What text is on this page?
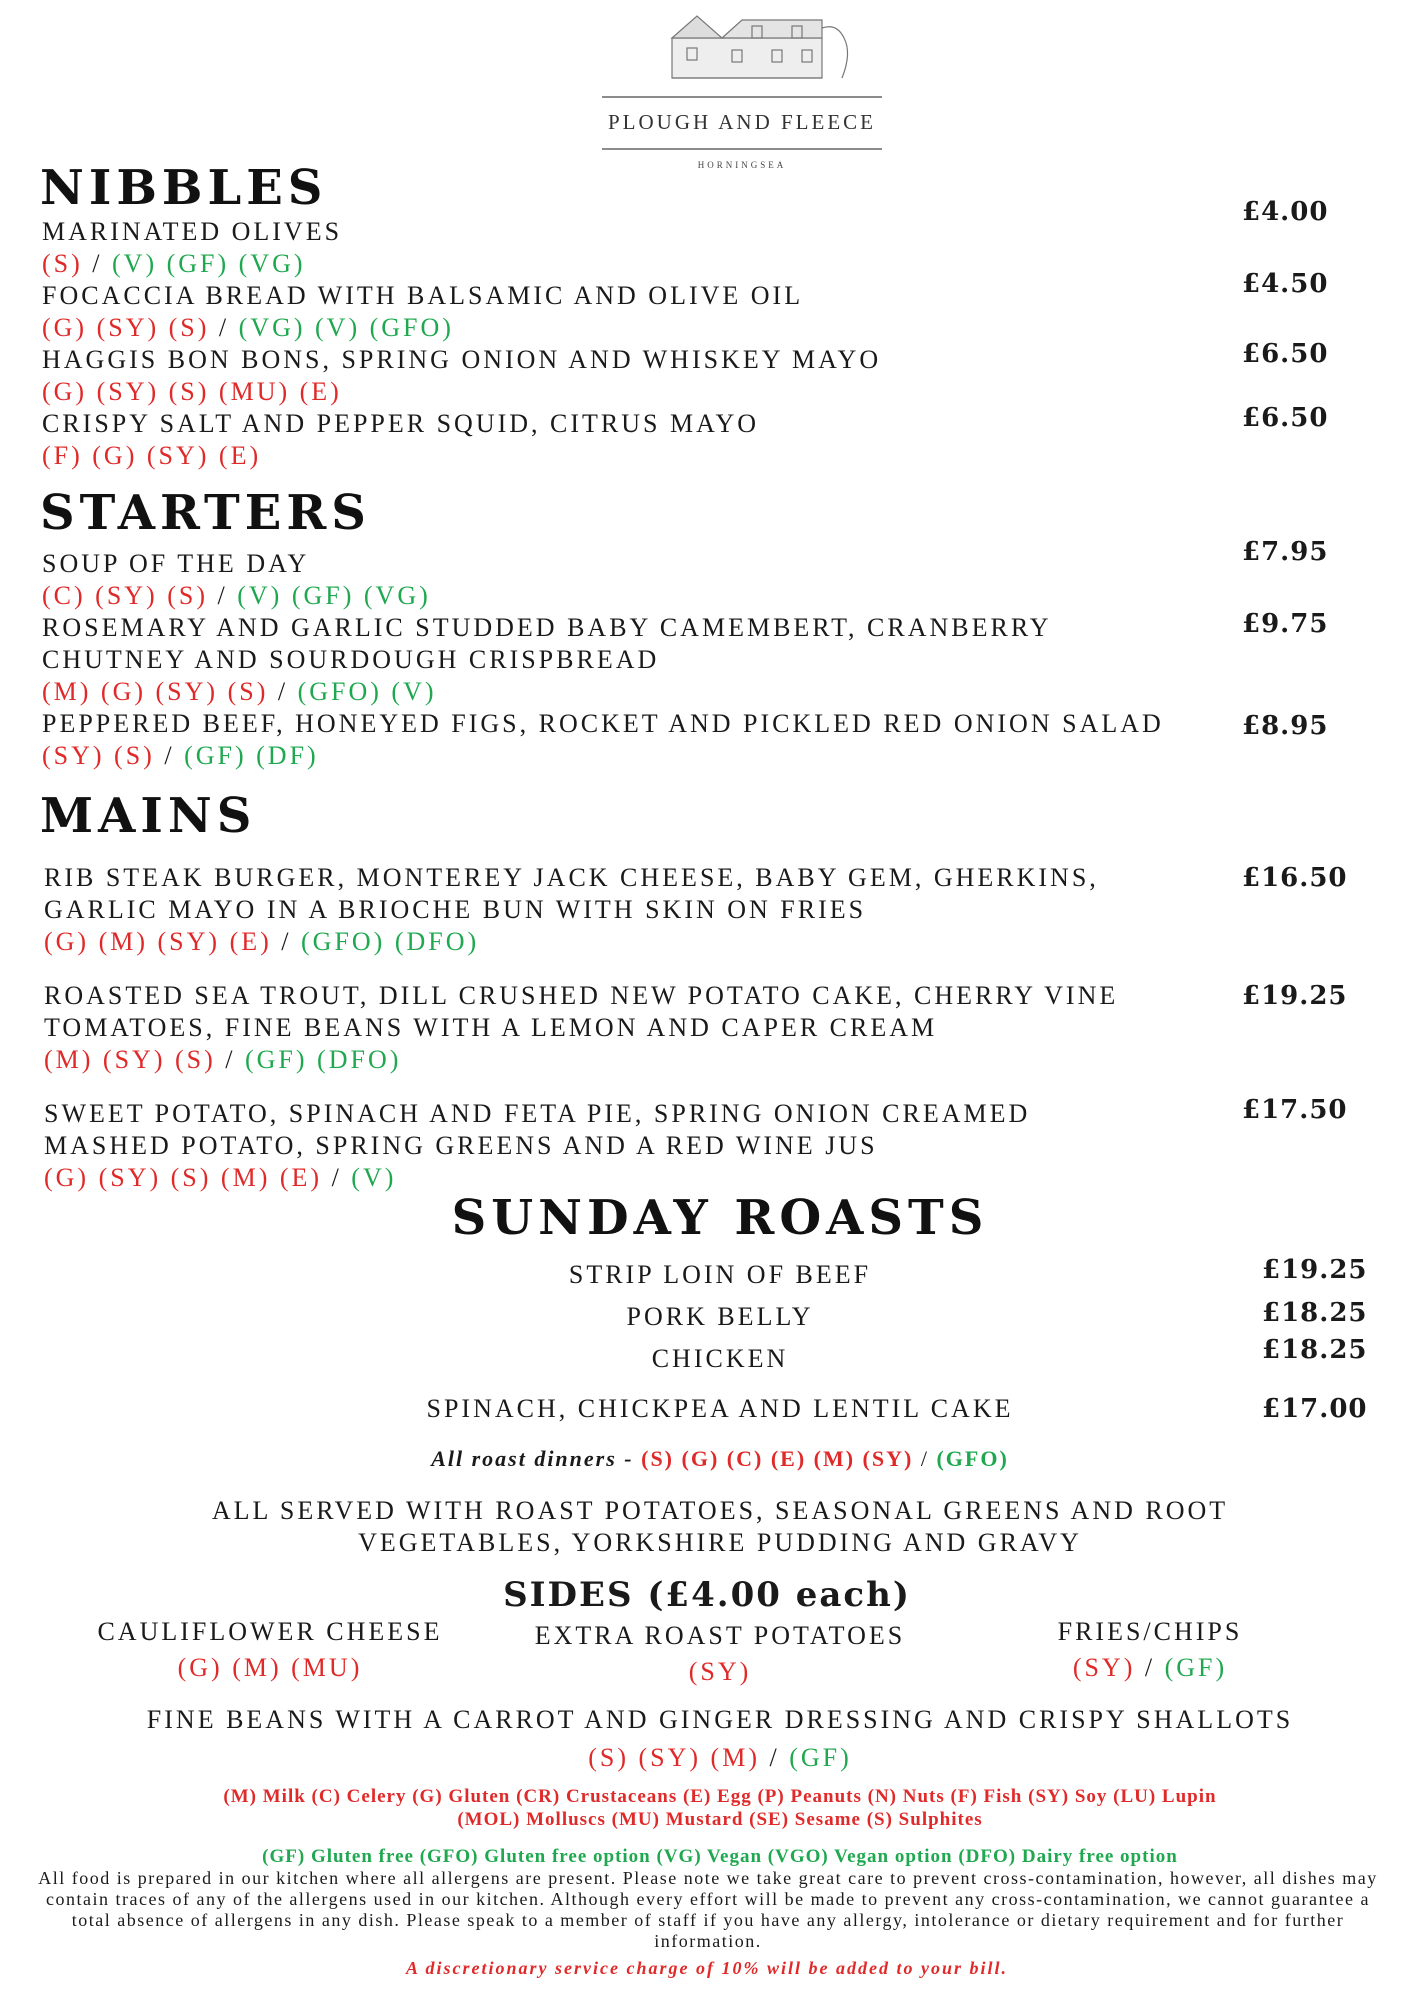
PLOUGH AND FLEECE
HORNINGSEA
NIBBLES
MARINATED OLIVES
(S) / (V) (GF) (VG)
£4.00
FOCACCIA BREAD WITH BALSAMIC AND OLIVE OIL
(G) (SY) (S) / (VG) (V) (GFO)
£4.50
HAGGIS BON BONS, SPRING ONION AND WHISKEY MAYO
(G) (SY) (S) (MU) (E)
£6.50
CRISPY SALT AND PEPPER SQUID, CITRUS MAYO
(F) (G) (SY) (E)
£6.50
STARTERS
SOUP OF THE DAY
(C) (SY) (S) / (V) (GF) (VG)
£7.95
ROSEMARY AND GARLIC STUDDED BABY CAMEMBERT, CRANBERRY CHUTNEY AND SOURDOUGH CRISPBREAD
(M) (G) (SY) (S) / (GFO) (V)
£9.75
PEPPERED BEEF, HONEYED FIGS, ROCKET AND PICKLED RED ONION SALAD
(SY) (S) / (GF) (DF)
£8.95
MAINS
RIB STEAK BURGER, MONTEREY JACK CHEESE, BABY GEM, GHERKINS, GARLIC MAYO IN A BRIOCHE BUN WITH SKIN ON FRIES
(G) (M) (SY) (E) / (GFO) (DFO)
£16.50
ROASTED SEA TROUT, DILL CRUSHED NEW POTATO CAKE, CHERRY VINE TOMATOES, FINE BEANS WITH A LEMON AND CAPER CREAM
(M) (SY) (S) / (GF) (DFO)
£19.25
SWEET POTATO, SPINACH AND FETA PIE, SPRING ONION CREAMED MASHED POTATO, SPRING GREENS AND A RED WINE JUS
(G) (SY) (S) (M) (E) / (V)
£17.50
SUNDAY ROASTS
STRIP LOIN OF BEEF	£19.25
PORK BELLY	£18.25
CHICKEN	£18.25
SPINACH, CHICKPEA AND LENTIL CAKE	£17.00
All roast dinners - (S) (G) (C) (E) (M) (SY) / (GFO)
ALL SERVED WITH ROAST POTATOES, SEASONAL GREENS AND ROOT VEGETABLES, YORKSHIRE PUDDING AND GRAVY
SIDES (£4.00 each)
CAULIFLOWER CHEESE
(G) (M) (MU)
EXTRA ROAST POTATOES
(SY)
FRIES/CHIPS
(SY) / (GF)
FINE BEANS WITH A CARROT AND GINGER DRESSING AND CRISPY SHALLOTS
(S) (SY) (M) / (GF)
(M) Milk (C) Celery (G) Gluten (CR) Crustaceans (E) Egg (P) Peanuts (N) Nuts (F) Fish (SY) Soy (LU) Lupin
(MOL) Molluscs (MU) Mustard (SE) Sesame (S) Sulphites
(GF) Gluten free (GFO) Gluten free option (VG) Vegan (VGO) Vegan option (DFO) Dairy free option
All food is prepared in our kitchen where all allergens are present. Please note we take great care to prevent cross-contamination, however, all dishes may contain traces of any of the allergens used in our kitchen. Although every effort will be made to prevent any cross-contamination, we cannot guarantee a total absence of allergens in any dish. Please speak to a member of staff if you have any allergy, intolerance or dietary requirement and for further information.
A discretionary service charge of 10% will be added to your bill.
